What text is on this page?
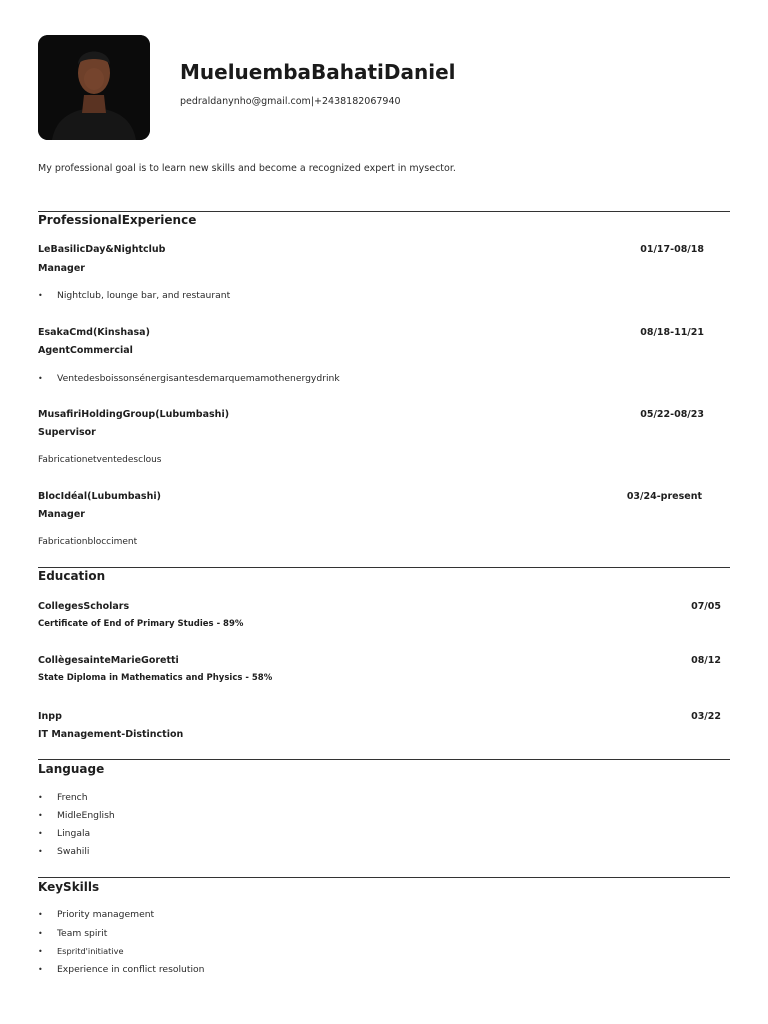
MueluembaBahatiDaniel
pedraldanynho@gmail.com|+2438182067940
My professional goal is to learn new skills and become a recognized expert in mysector.
ProfessionalExperience
LeBasilicDay&Nightclub	01/17-08/18
Manager
• Nightclub, lounge bar, and restaurant
EsakaCmd(Kinshasa)	08/18-11/21
AgentCommercial
• Ventedesboissonsénergisantesdemarquemamothenergydrink
MusafiriHoldingGroup(Lubumbashi)	05/22-08/23
Supervisor
Fabricationetventedesclous
BlocIdéal(Lubumbashi)	03/24-present
Manager
Fabricationblocciment
Education
CollegesScholars	07/05
Certificate of End of Primary Studies - 89%
CollègesainteMarieGoretti	08/12
State Diploma in Mathematics and Physics - 58%
Inpp	03/22
IT Management-Distinction
Language
• French
• MidleEnglish
• Lingala
• Swahili
KeySkills
• Priority management
• Team spirit
• Espritd'initiative
• Experience in conflict resolution
